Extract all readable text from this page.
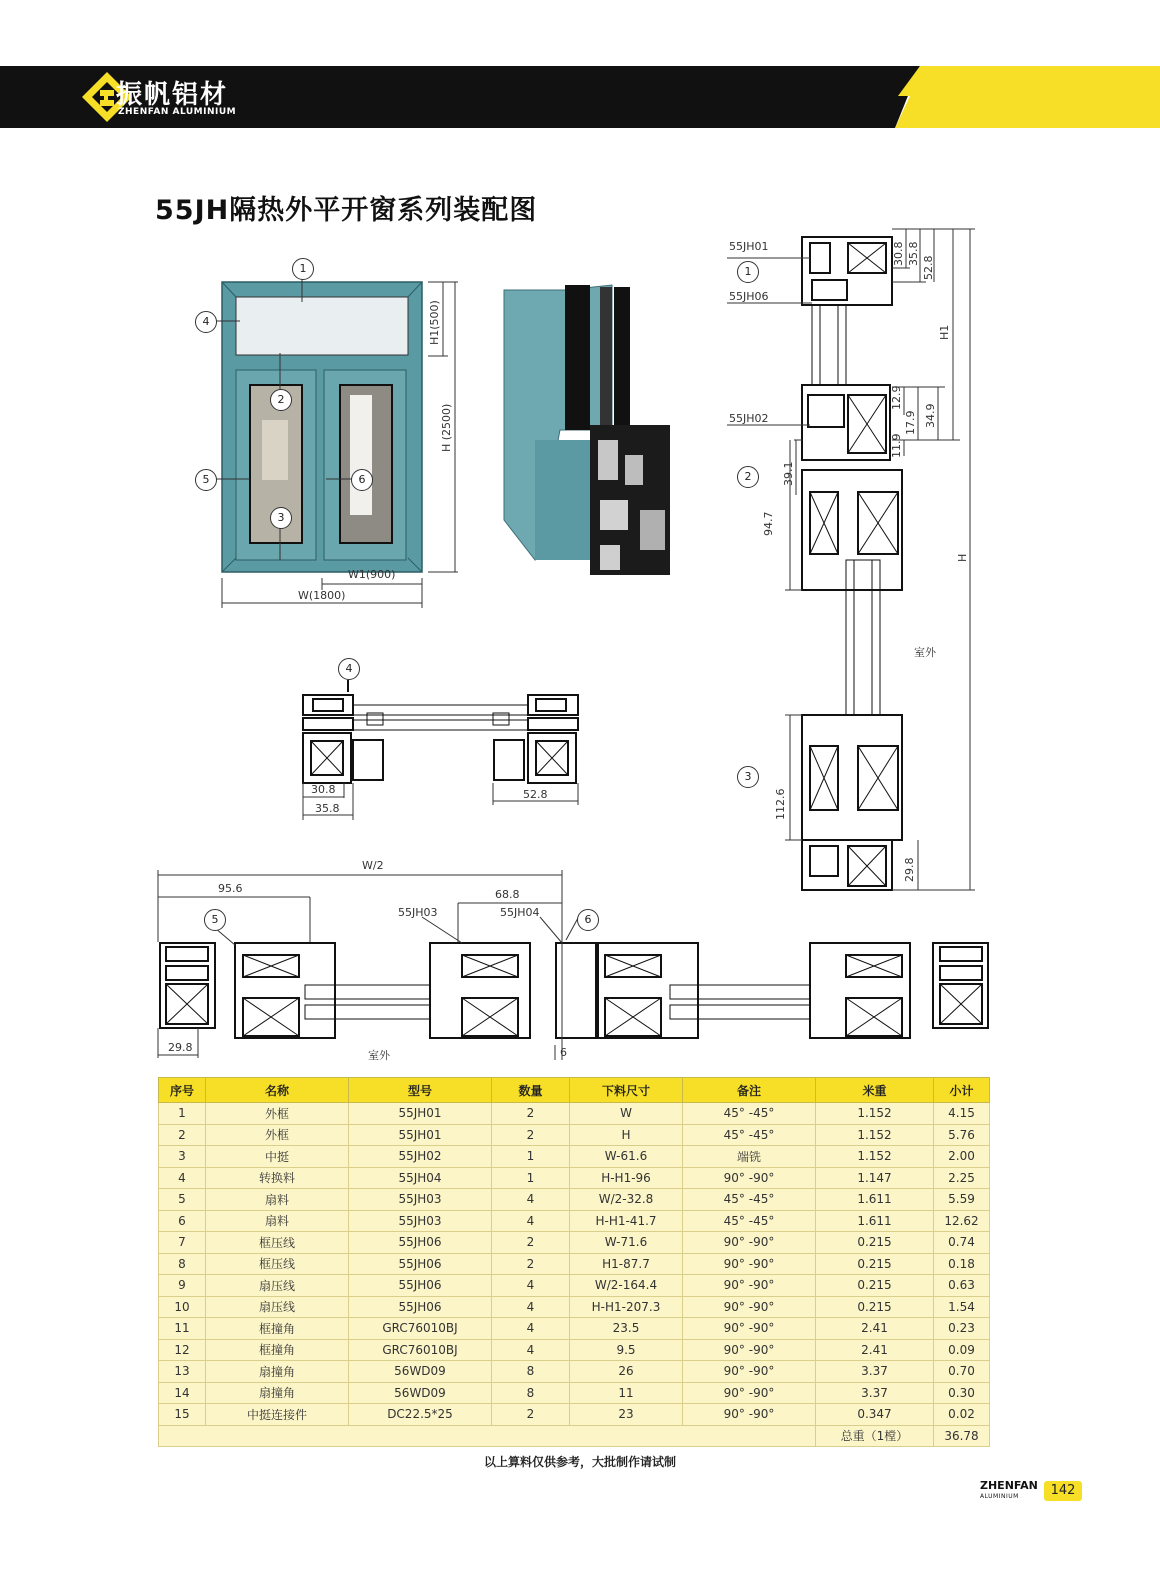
振帆铝材
ZHENFAN ALUMINIUM
55JH隔热外平开窗系列装配图
1
4
2
5	6
3
H1(500)
H (2500)
W1(900)
W(1800)
4
30.8
35.8
52.8
55JH01
1
55JH06
55JH02
2
3
30.8 35.8
52.8
H1
12.9
17.9 34.9
11.9
39.1
94.7
H
112.6
29.8
室外
W/2
95.6	68.8
55JH03	55JH04
5	6
29.8
室外	6
序号	名称	型号	数量	下料尺寸	备注	米重	小计
1	外框	55JH01	2	W	45° -45°	1.152	4.15
2	外框	55JH01	2	H	45° -45°	1.152	5.76
3	中挺	55JH02	1	W-61.6	端铣	1.152	2.00
4	转换料	55JH04	1	H-H1-96	90° -90°	1.147	2.25
5	扇料	55JH03	4	W/2-32.8	45° -45°	1.611	5.59
6	扇料	55JH03	4	H-H1-41.7	45° -45°	1.611	12.62
7	框压线	55JH06	2	W-71.6	90° -90°	0.215	0.74
8	框压线	55JH06	2	H1-87.7	90° -90°	0.215	0.18
9	扇压线	55JH06	4	W/2-164.4	90° -90°	0.215	0.63
10	扇压线	55JH06	4	H-H1-207.3	90° -90°	0.215	1.54
11	框撞角	GRC76010BJ	4	23.5	90° -90°	2.41	0.23
12	框撞角	GRC76010BJ	4	9.5	90° -90°	2.41	0.09
13	扇撞角	56WD09	8	26	90° -90°	3.37	0.70
14	扇撞角	56WD09	8	11	90° -90°	3.37	0.30
15	中挺连接件	DC22.5*25	2	23	90° -90°	0.347	0.02
						总重（1樘）	36.78
以上算料仅供参考，大批制作请试制
ZHENFAN
ALUMINIUM	142
